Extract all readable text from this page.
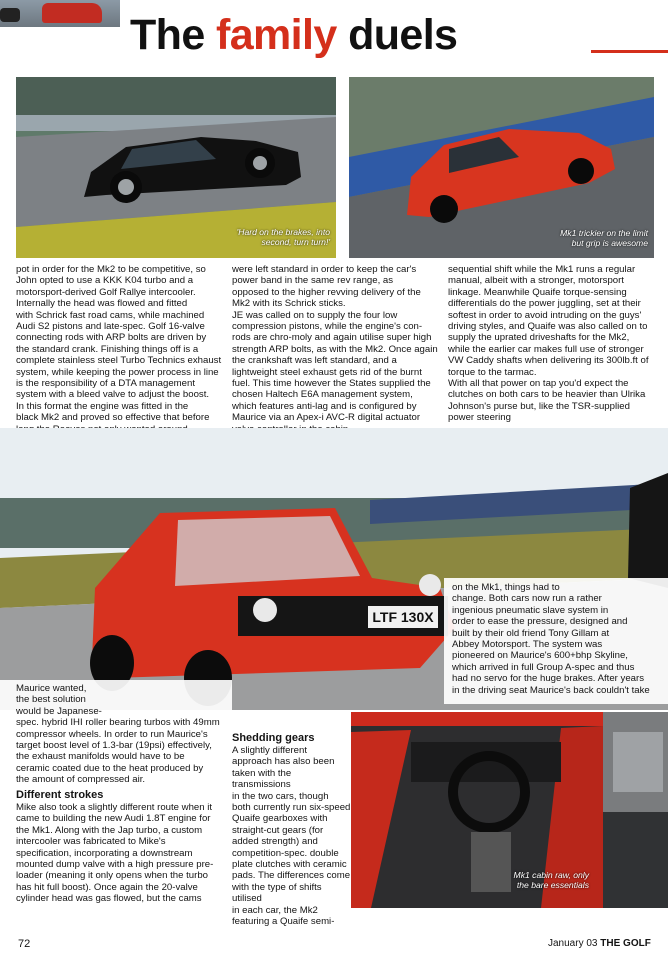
The family duels
'Hard on the brakes, into
second, turn turn!'
Mk1 trickier on the limit
but grip is awesome
pot in order for the Mk2 to be competitive, so
John opted to use a KKK K04 turbo and a
motorsport-derived Golf Rallye intercooler.
Internally the head was flowed and fitted
with Schrick fast road cams, while machined
Audi S2 pistons and late-spec. Golf 16-valve
connecting rods with ARP bolts are driven by
the standard crank. Finishing things off is a
complete stainless steel Turbo Technics exhaust
system, while keeping the power process in line
is the responsibility of a DTA management
system with a bleed valve to adjust the boost.
In this format the engine was fitted in the
black Mk2 and proved so effective that before

were left standard in order to keep the car's
power band in the same rev range, as
opposed to the higher revving delivery of the
Mk2 with its Schrick sticks.
JE was called on to supply the four low
compression pistons, while the engine's con-
rods are chro-moly and again utilise super high
strength ARP bolts, as with the Mk2. Once again
the crankshaft was left standard, and a
lightweight steel exhaust gets rid of the burnt
fuel. This time however the States supplied the
chosen Haltech E6A management system,
which features anti-lag and is configured by
Maurice via an Apex-i AVC-R digital actuator

sequential shift while the Mk1 runs a regular
manual, albeit with a stronger, motorsport
linkage. Meanwhile Quaife torque-sensing
differentials do the power juggling, set at their
softest in order to avoid intruding on the guys'
driving styles, and Quaife was also called on to
supply the uprated driveshafts for the Mk2,
while the earlier car makes full use of stronger
VW Caddy shafts when delivering its 300lb.ft of
torque to the tarmac.
With all that power on tap you'd expect the
clutches on both cars to be heavier than Ulrika
Johnson's purse but, like the TSR-supplied
power steering
LTF 130X
on the Mk1, things had to
change. Both cars now run a rather
ingenious pneumatic slave system in
order to ease the pressure, designed and
built by their old friend Tony Gillam at
Abbey Motorsport. The system was
pioneered on Maurice's 600+bhp Skyline,
which arrived in full Group A-spec and thus
had no servo for the huge brakes. After years
in the driving seat Maurice's back couldn't take
Maurice wanted,
the best solution
would be Japanese-
spec. hybrid IHI roller bearing turbos with 49mm
compressor wheels. In order to run Maurice's
target boost level of 1.3-bar (19psi) effectively,
the exhaust manifolds would have to be
ceramic coated due to the heat produced by
the amount of compressed air.
Different strokes
Mike also took a slightly different route when it
came to building the new Audi 1.8T engine for
the Mk1. Along with the Jap turbo, a custom
intercooler was fabricated to Mike's
specification, incorporating a downstream
mounted dump valve with a high pressure pre-
loader (meaning it only opens when the turbo
has hit full boost). Once again the 20-valve
cylinder head was gas flowed, but the cams
Shedding gears
A slightly different
approach has also been
taken with the transmissions
in the two cars, though
both currently run six-speed
Quaife gearboxes with
straight-cut gears (for
added strength) and
competition-spec. double
plate clutches with ceramic
pads. The differences come
with the type of shifts utilised
in each car, the Mk2
featuring a Quaife semi-
Mk1 cabin raw, only
the bare essentials
72	January 03 THE GOLF
